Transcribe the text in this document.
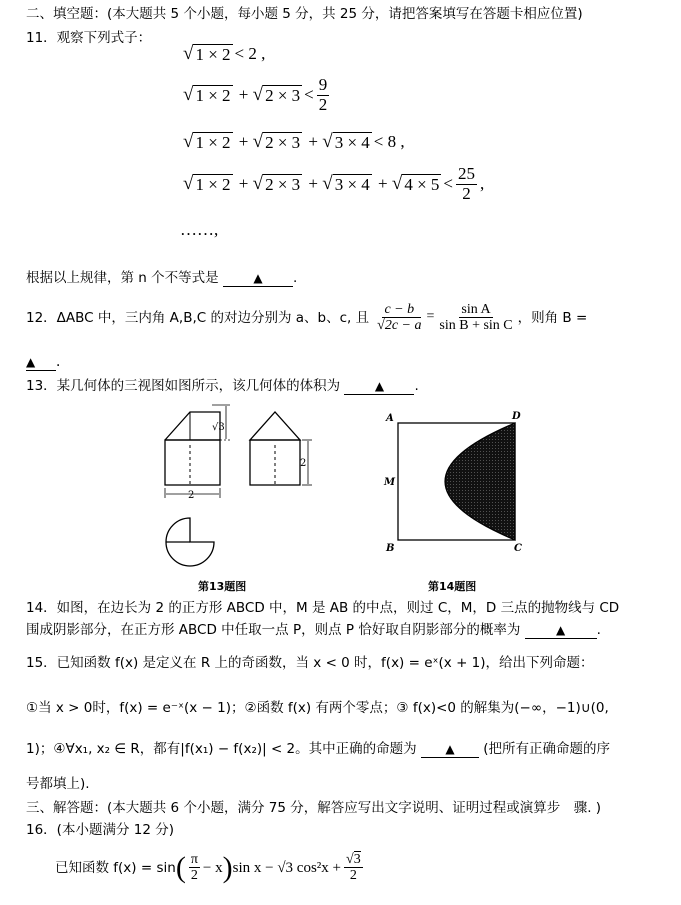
二、填空题：(本大题共 5 个小题，每小题 5 分，共 25 分，请把答案填写在答题卡相应位置)
11．观察下列式子：
√ 1 × 2 < 2 ,
√ 1 × 2 + √ $2 \times 3 < \frac{9}{2}$
√ 1 × 2 + √ 2 × 3 + √ 3 × 4 < 8 ,
√ 1 × 2 + √ 2 × 3 + √ 3 × 4 + √ $4 \times 5 < \frac{25}{2}$ ,
……,
根据以上规律，第 n 个不等式是	▲ .
12．ΔABC 中，三内角 A,B,C 的对边分别为 a、b、c, 且 $\frac{c - b}{√2c - a} = \frac{\text{sin A}}{\text{sin B + sin C}}$ ，则角 B =
▲ .
13．某几何体的三视图如图所示，该几何体的体积为	▲ .
√3
2
2
第13题图
A	D
M
B	C
第14题图
14．如图，在边长为 2 的正方形 ABCD 中，M 是 AB 的中点，则过 C，M，D 三点的抛物线与 CD
围成阴影部分，在正方形 ABCD 中任取一点 P，则点 P 恰好取自阴影部分的概率为	▲ .
15．已知函数 f(x) 是定义在 R 上的奇函数，当 x < 0 时，f(x) = eˣ(x + 1)，给出下列命题：
①当 x > 0时，f(x) = e⁻ˣ(x − 1)；②函数 f(x) 有两个零点；③ f(x)<0 的解集为(−∞，−1)∪(0,
1)；④∀x₁, x₂ ∈ R，都有|f(x₁) − f(x₂)| < 2。其中正确的命题为 ▲ (把所有正确命题的序
号都填上).
三、解答题：(本大题共 6 个小题，满分 75 分，解答应写出文字说明、证明过程或演算步　骤. )
16．(本小题满分 12 分)
已知函数 f(x) = sin ( $\frac{\pi}{2} - x$ ) sin x − √3 $\cos^2x + \frac{√3}{2}$
